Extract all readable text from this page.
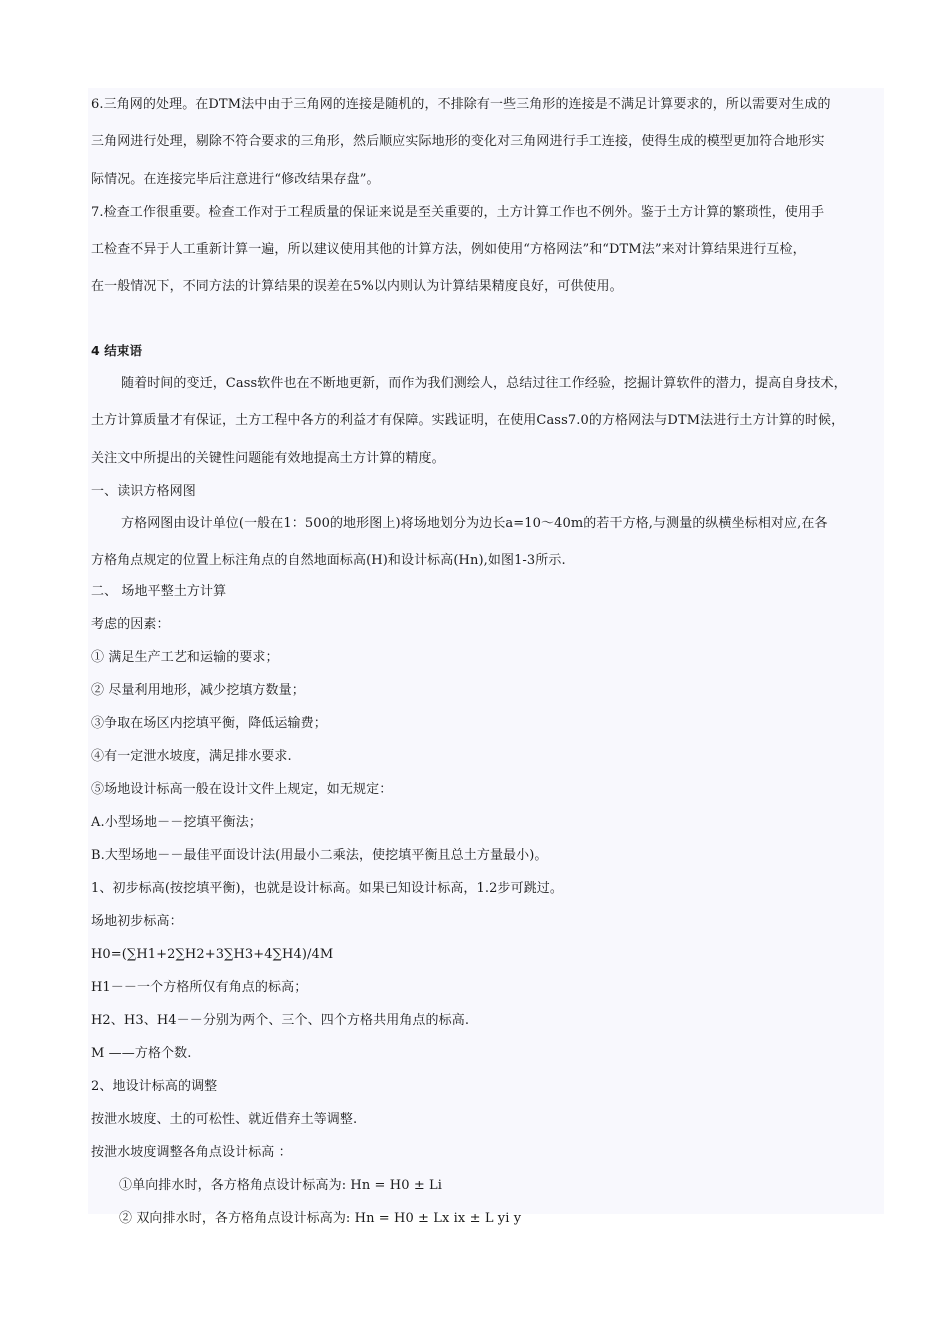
6.三角网的处理。在DTM法中由于三角网的连接是随机的，不排除有一些三角形的连接是不满足计算要求的，所以需要对生成的
三角网进行处理，剔除不符合要求的三角形，然后顺应实际地形的变化对三角网进行手工连接，使得生成的模型更加符合地形实
际情况。在连接完毕后注意进行“修改结果存盘”。
7.检查工作很重要。检查工作对于工程质量的保证来说是至关重要的，土方计算工作也不例外。鉴于土方计算的繁琐性，使用手
工检查不异于人工重新计算一遍，所以建议使用其他的计算方法，例如使用“方格网法”和“DTM法”来对计算结果进行互检，
在一般情况下，不同方法的计算结果的误差在5%以内则认为计算结果精度良好，可供使用。
4 结束语
随着时间的变迁，Cass软件也在不断地更新，而作为我们测绘人，总结过往工作经验，挖掘计算软件的潜力，提高自身技术，
土方计算质量才有保证，土方工程中各方的利益才有保障。实践证明，在使用Cass7.0的方格网法与DTM法进行土方计算的时候，
关注文中所提出的关键性问题能有效地提高土方计算的精度。
一、读识方格网图
方格网图由设计单位(一般在1：500的地形图上)将场地划分为边长a=10～40m的若干方格,与测量的纵横坐标相对应,在各
方格角点规定的位置上标注角点的自然地面标高(H)和设计标高(Hn),如图1-3所示.
二、 场地平整土方计算
考虑的因素：
① 满足生产工艺和运输的要求；
② 尽量利用地形，减少挖填方数量；
③争取在场区内挖填平衡，降低运输费；
④有一定泄水坡度，满足排水要求.
⑤场地设计标高一般在设计文件上规定，如无规定：
A.小型场地－－挖填平衡法；
B.大型场地－－最佳平面设计法(用最小二乘法，使挖填平衡且总土方量最小)。
1、初步标高(按挖填平衡)，也就是设计标高。如果已知设计标高，1.2步可跳过。
场地初步标高：
H0=(∑H1+2∑H2+3∑H3+4∑H4)/4M
H1－－一个方格所仅有角点的标高；
H2、H3、H4－－分别为两个、三个、四个方格共用角点的标高.
M ——方格个数.
2、地设计标高的调整
按泄水坡度、土的可松性、就近借弃土等调整.
按泄水坡度调整各角点设计标高 ：
①单向排水时，各方格角点设计标高为: Hn = H0 ± Li
② 双向排水时，各方格角点设计标高为: Hn = H0 ± Lx ix ± L yi y
